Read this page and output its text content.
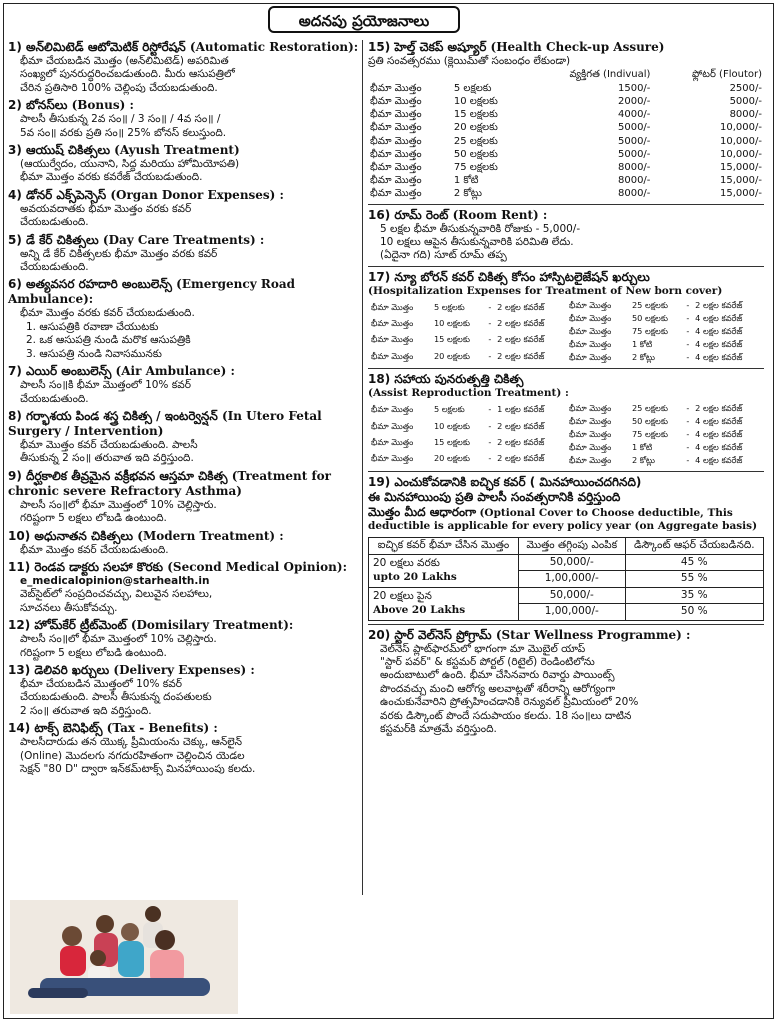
అదనపు ప్రయోజనాలు
1) అన్‌లిమిటెడ్ ఆటోమెటిక్ రిస్టోరేషన్ (Automatic Restoration):
భీమా చేయబడిన మొత్తం (అన్‌లిమిటెడ్) అపరిమిత
సంఖ్యలో పునరుద్ధరించబడుతుంది. మీరు ఆసుపత్రిలో
చేరిన ప్రతిసారి 100% చెల్లింపు చేయబడుతుంది.
2) బోనస్‌లు (Bonus) :
పాలసీ తీసుకున్న 2వ సం॥ / 3 సం॥ / 4వ సం॥ /
5వ సం॥ వరకు ప్రతి సం॥ 25% బోనస్ కలుస్తుంది.
3) ఆయుష్ చికిత్సలు (Ayush Treatment)
(ఆయుర్వేదం, యునాని, సిద్ధ మరియు హోమియోపతి)
భీమా మొత్తం వరకు కవరేజ్ చేయబడుతుంది.
4) డోనర్ ఎక్స్‌పెన్సెస్ (Organ Donor Expenses) :
అవయవదాతకు భీమా మొత్తం వరకు కవర్
చేయబడుతుంది.
5) డే కేర్ చికిత్సలు (Day Care Treatments) :
అన్ని డే కేర్ చికిత్సలకు భీమా మొత్తం వరకు కవర్
చేయబడుతుంది.
6) అత్యవసర రహదారి అంబులెన్స్ (Emergency Road Ambulance):
భీమా మొత్తం వరకు కవర్ చేయబడుతుంది.
1. ఆసుపత్రికి రవాణా చేయుటకు
2. ఒక ఆసుపత్రి నుండి మరొక ఆసుపత్రికి
3. ఆసుపత్రి నుండి నివాసమునకు
7) ఎయిర్ అంబులెన్స్ (Air Ambulance) :
పాలసీ సం॥కి భీమా మొత్తంలో 10% కవర్
చేయబడుతుంది.
8) గర్భాశయ పిండ శస్త్ర చికిత్స / ఇంటర్వెన్షన్ (In Utero Fetal Surgery / Intervention)
భీమా మొత్తం కవర్ చేయబడుతుంది. పాలసీ
తీసుకున్న 2 సం॥ తరువాత ఇది వర్తిస్తుంది.
9) దీర్ఘకాలిక తీవ్రమైన వక్రీభవన ఆస్తమా చికిత్స (Treatment for chronic severe Refractory Asthma)
పాలసీ సం॥లో భీమా మొత్తంలో 10% చెల్లిస్తారు.
గరిష్టంగా 5 లక్షలు లోబడి ఉంటుంది.
10) అధునాతన చికిత్సలు (Modern Treatment) :
భీమా మొత్తం కవర్ చేయబడుతుంది.
11) రెండవ డాక్టరు సలహా కొరకు (Second Medical Opinion):
e_medicalopinion@starhealth.in
వెబ్‌సైట్‌లో సంప్రదించవచ్చు, విలువైన సలహాలు,
సూచనలు తీసుకోవచ్చు.
12) హోమ్‌కేర్ ట్రీట్‌మెంట్ (Domisilary Treatment):
పాలసీ సం॥లో భీమా మొత్తంలో 10% చెల్లిస్తారు.
గరిష్టంగా 5 లక్షలు లోబడి ఉంటుంది.
13) డెలివరి ఖర్చులు (Delivery Expenses) :
భీమా చేయబడిన మొత్తంలో 10% కవర్
చేయబడుతుంది. పాలసీ తీసుకున్న దంపతులకు
2 సం॥ తరువాత ఇది వర్తిస్తుంది.
14) టాక్స్ బెనిఫిట్స్ (Tax - Benefits) :
పాలసీదారుడు తన యొక్క ప్రీమియంను చెక్కు, ఆన్‌లైన్
(Online) మొదలగు నగదురహితంగా చెల్లించిన యెడల
సెక్షన్ "80 D" ద్వారా ఇన్‌కమ్‌టాక్స్ మినహాయింపు కలదు.
15) హెల్త్ చెకప్ అష్యూర్ (Health Check-up Assure)
ప్రతి సంవత్సరము (క్లెయిమ్‌తో సంబంధం లేకుండా)
		వ్యక్తిగత (Indivual)	ఫ్లోటర్ (Floutor)
భీమా మొత్తం	5 లక్షలకు	1500/-	2500/-
భీమా మొత్తం	10 లక్షలకు	2000/-	5000/-
భీమా మొత్తం	15 లక్షలకు	4000/-	8000/-
భీమా మొత్తం	20 లక్షలకు	5000/-	10,000/-
భీమా మొత్తం	25 లక్షలకు	5000/-	10,000/-
భీమా మొత్తం	50 లక్షలకు	5000/-	10,000/-
భీమా మొత్తం	75 లక్షలకు	8000/-	15,000/-
భీమా మొత్తం	1 కోటి	8000/-	15,000/-
భీమా మొత్తం	2 కోట్లు	8000/-	15,000/-
16) రూమ్ రెంట్ (Room Rent) :
5 లక్షల భీమా తీసుకున్నవారికి రోజుకు - 5,000/-
10 లక్షలు ఆపైన తీసుకున్నవారికి పరిమితి లేదు.
(ఏదైనా గది) సూట్ రూమ్ తప్ప
17) న్యూ బోరన్ కవర్ చికిత్స కోసం హాస్పిటలైజేషన్ ఖర్చులు
(Hospitalization Expenses for Treatment of New born cover)
భీమా మొత్తం	5 లక్షలకు	-	2 లక్షల కవరేజ్
భీమా మొత్తం	10 లక్షలకు	-	2 లక్షల కవరేజ్
భీమా మొత్తం	15 లక్షలకు	-	2 లక్షల కవరేజ్
భీమా మొత్తం	20 లక్షలకు	-	2 లక్షల కవరేజ్
భీమా మొత్తం	25 లక్షలకు	-	2 లక్షల కవరేజ్
భీమా మొత్తం	50 లక్షలకు	-	4 లక్షల కవరేజ్
భీమా మొత్తం	75 లక్షలకు	-	4 లక్షల కవరేజ్
భీమా మొత్తం	1 కోటి	-	4 లక్షల కవరేజ్
భీమా మొత్తం	2 కోట్లు	-	4 లక్షల కవరేజ్
18) సహాయ పునరుత్పత్తి చికిత్స
(Assist Reproduction Treatment) :
భీమా మొత్తం	5 లక్షలకు	-	1 లక్షల కవరేజ్
భీమా మొత్తం	10 లక్షలకు	-	2 లక్షల కవరేజ్
భీమా మొత్తం	15 లక్షలకు	-	2 లక్షల కవరేజ్
భీమా మొత్తం	20 లక్షలకు	-	2 లక్షల కవరేజ్
భీమా మొత్తం	25 లక్షలకు	-	2 లక్షల కవరేజ్
భీమా మొత్తం	50 లక్షలకు	-	4 లక్షల కవరేజ్
భీమా మొత్తం	75 లక్షలకు	-	4 లక్షల కవరేజ్
భీమా మొత్తం	1 కోటి	-	4 లక్షల కవరేజ్
భీమా మొత్తం	2 కోట్లు	-	4 లక్షల కవరేజ్
19) ఎంచుకోవడానికి ఐచ్ఛిక కవర్ ( మినహాయించదగినది)
ఈ మినహాయింపు ప్రతి పాలసీ సంవత్సరానికి వర్తిస్తుంది
మొత్తం మీద ఆధారంగా (Optional Cover to Choose deductible, This deductible is applicable for every policy year (on Aggregate basis)
ఐచ్ఛిక కవర్ భీమా చేసిన మొత్తం	మొత్తం తగ్గింపు ఎంపిక	డిస్కౌంట్ ఆఫర్ చేయబడినది.

20 లక్షలు వరకు
upto 20 Lakhs	50,000/-	45 %
	1,00,000/-	55 %

20 లక్షలు పైన
Above 20 Lakhs	50,000/-	35 %
	1,00,000/-	50 %
20) స్టార్ వెల్‌నెస్ ప్రోగ్రామ్ (Star Wellness Programme) :
వెల్‌నెస్ ప్లాట్‌ఫారమ్‌లో భాగంగా మా మొబైల్ యాప్
"స్టార్ పవర్" & కస్టమర్ పోర్టల్ (రిటైల్) రెండింటిలోను
అందుబాటులో ఉంది. భీమా చేసినవారు రివార్డు పాయింట్స్
పొందవచ్చు మంచి ఆరోగ్య అలవాట్లతో శరీరాన్ని ఆరోగ్యంగా
ఉంచుకునేవారిని ప్రోత్సహించడానికి రెన్యువల్ ప్రీమియంలో 20%
వరకు డిస్కౌంట్ పొందే సదుపాయం కలదు. 18 సం॥లు దాటిన
కస్టమర్‌కి మాత్రమే వర్తిస్తుంది.
